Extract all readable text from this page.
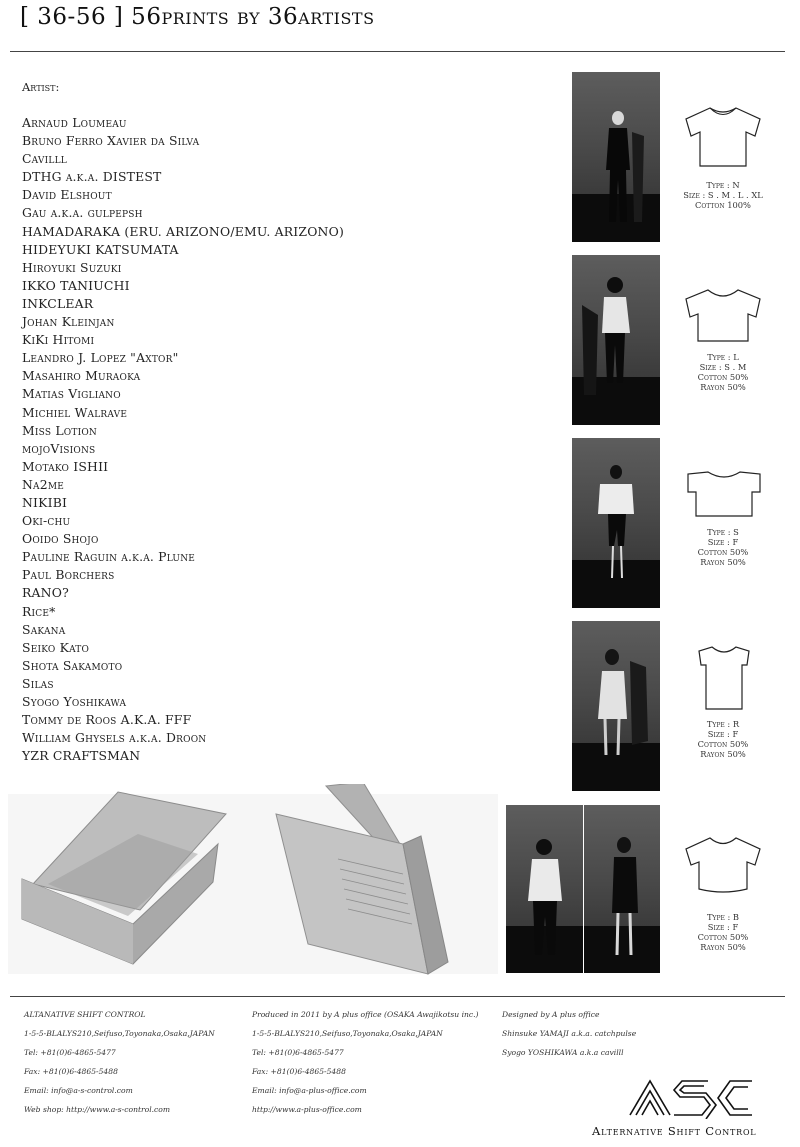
[ 36-56 ] 56prints by 36artists
Artist:
Arnaud Loumeau
Bruno Ferro Xavier da Silva
Cavilll
DTHG a.k.a. DISTEST
David Elshout
Gau a.k.a. gulpepsh
HAMADARAKA (ERU. ARIZONO/EMU. ARIZONO)
HIDEYUKI KATSUMATA
Hiroyuki Suzuki
IKKO TANIUCHI
INKCLEAR
Johan Kleinjan
KiKi Hitomi
Leandro J. Lopez "Axtor"
Masahiro Muraoka
Matias Vigliano
Michiel Walrave
Miss Lotion
mojoVisions
Motako ISHII
Na2me
NIKIBI
Oki-chu
Ooido Shojo
Pauline Raguin a.k.a. Plune
Paul Borchers
RANO?
Rice*
Sakana
Seiko Kato
Shota Sakamoto
Silas
Syogo Yoshikawa
Tommy de Roos A.K.A. FFF
William Ghysels a.k.a. Droon
YZR CRAFTSMAN
Type : N
Size : S . M . L . XL
Cotton 100%
Type : L
Size : S . M
Cotton 50%
Rayon 50%
Type : S
Size : F
Cotton 50%
Rayon 50%
Type : R
Size : F
Cotton 50%
Rayon 50%
Type : B
Size : F
Cotton 50%
Rayon 50%
ALTANATIVE SHIFT CONTROL
1-5-5-BLALYS210,Seifuso,Toyonaka,Osaka,JAPAN
Tel: +81(0)6-4865-5477
Fax: +81(0)6-4865-5488
Email: info@a-s-control.com
Web shop: http://www.a-s-control.com
Produced in 2011 by A plus office (OSAKA Awajikotsu inc.)
1-5-5-BLALYS210,Seifuso,Toyonaka,Osaka,JAPAN
Tel: +81(0)6-4865-5477
Fax: +81(0)6-4865-5488
Email: info@a-plus-office.com
http://www.a-plus-office.com
Designed by A plus office
Shinsuke YAMAJI a.k.a. catchpulse
Syogo YOSHIKAWA a.k.a cavilll
Alternative Shift Control
